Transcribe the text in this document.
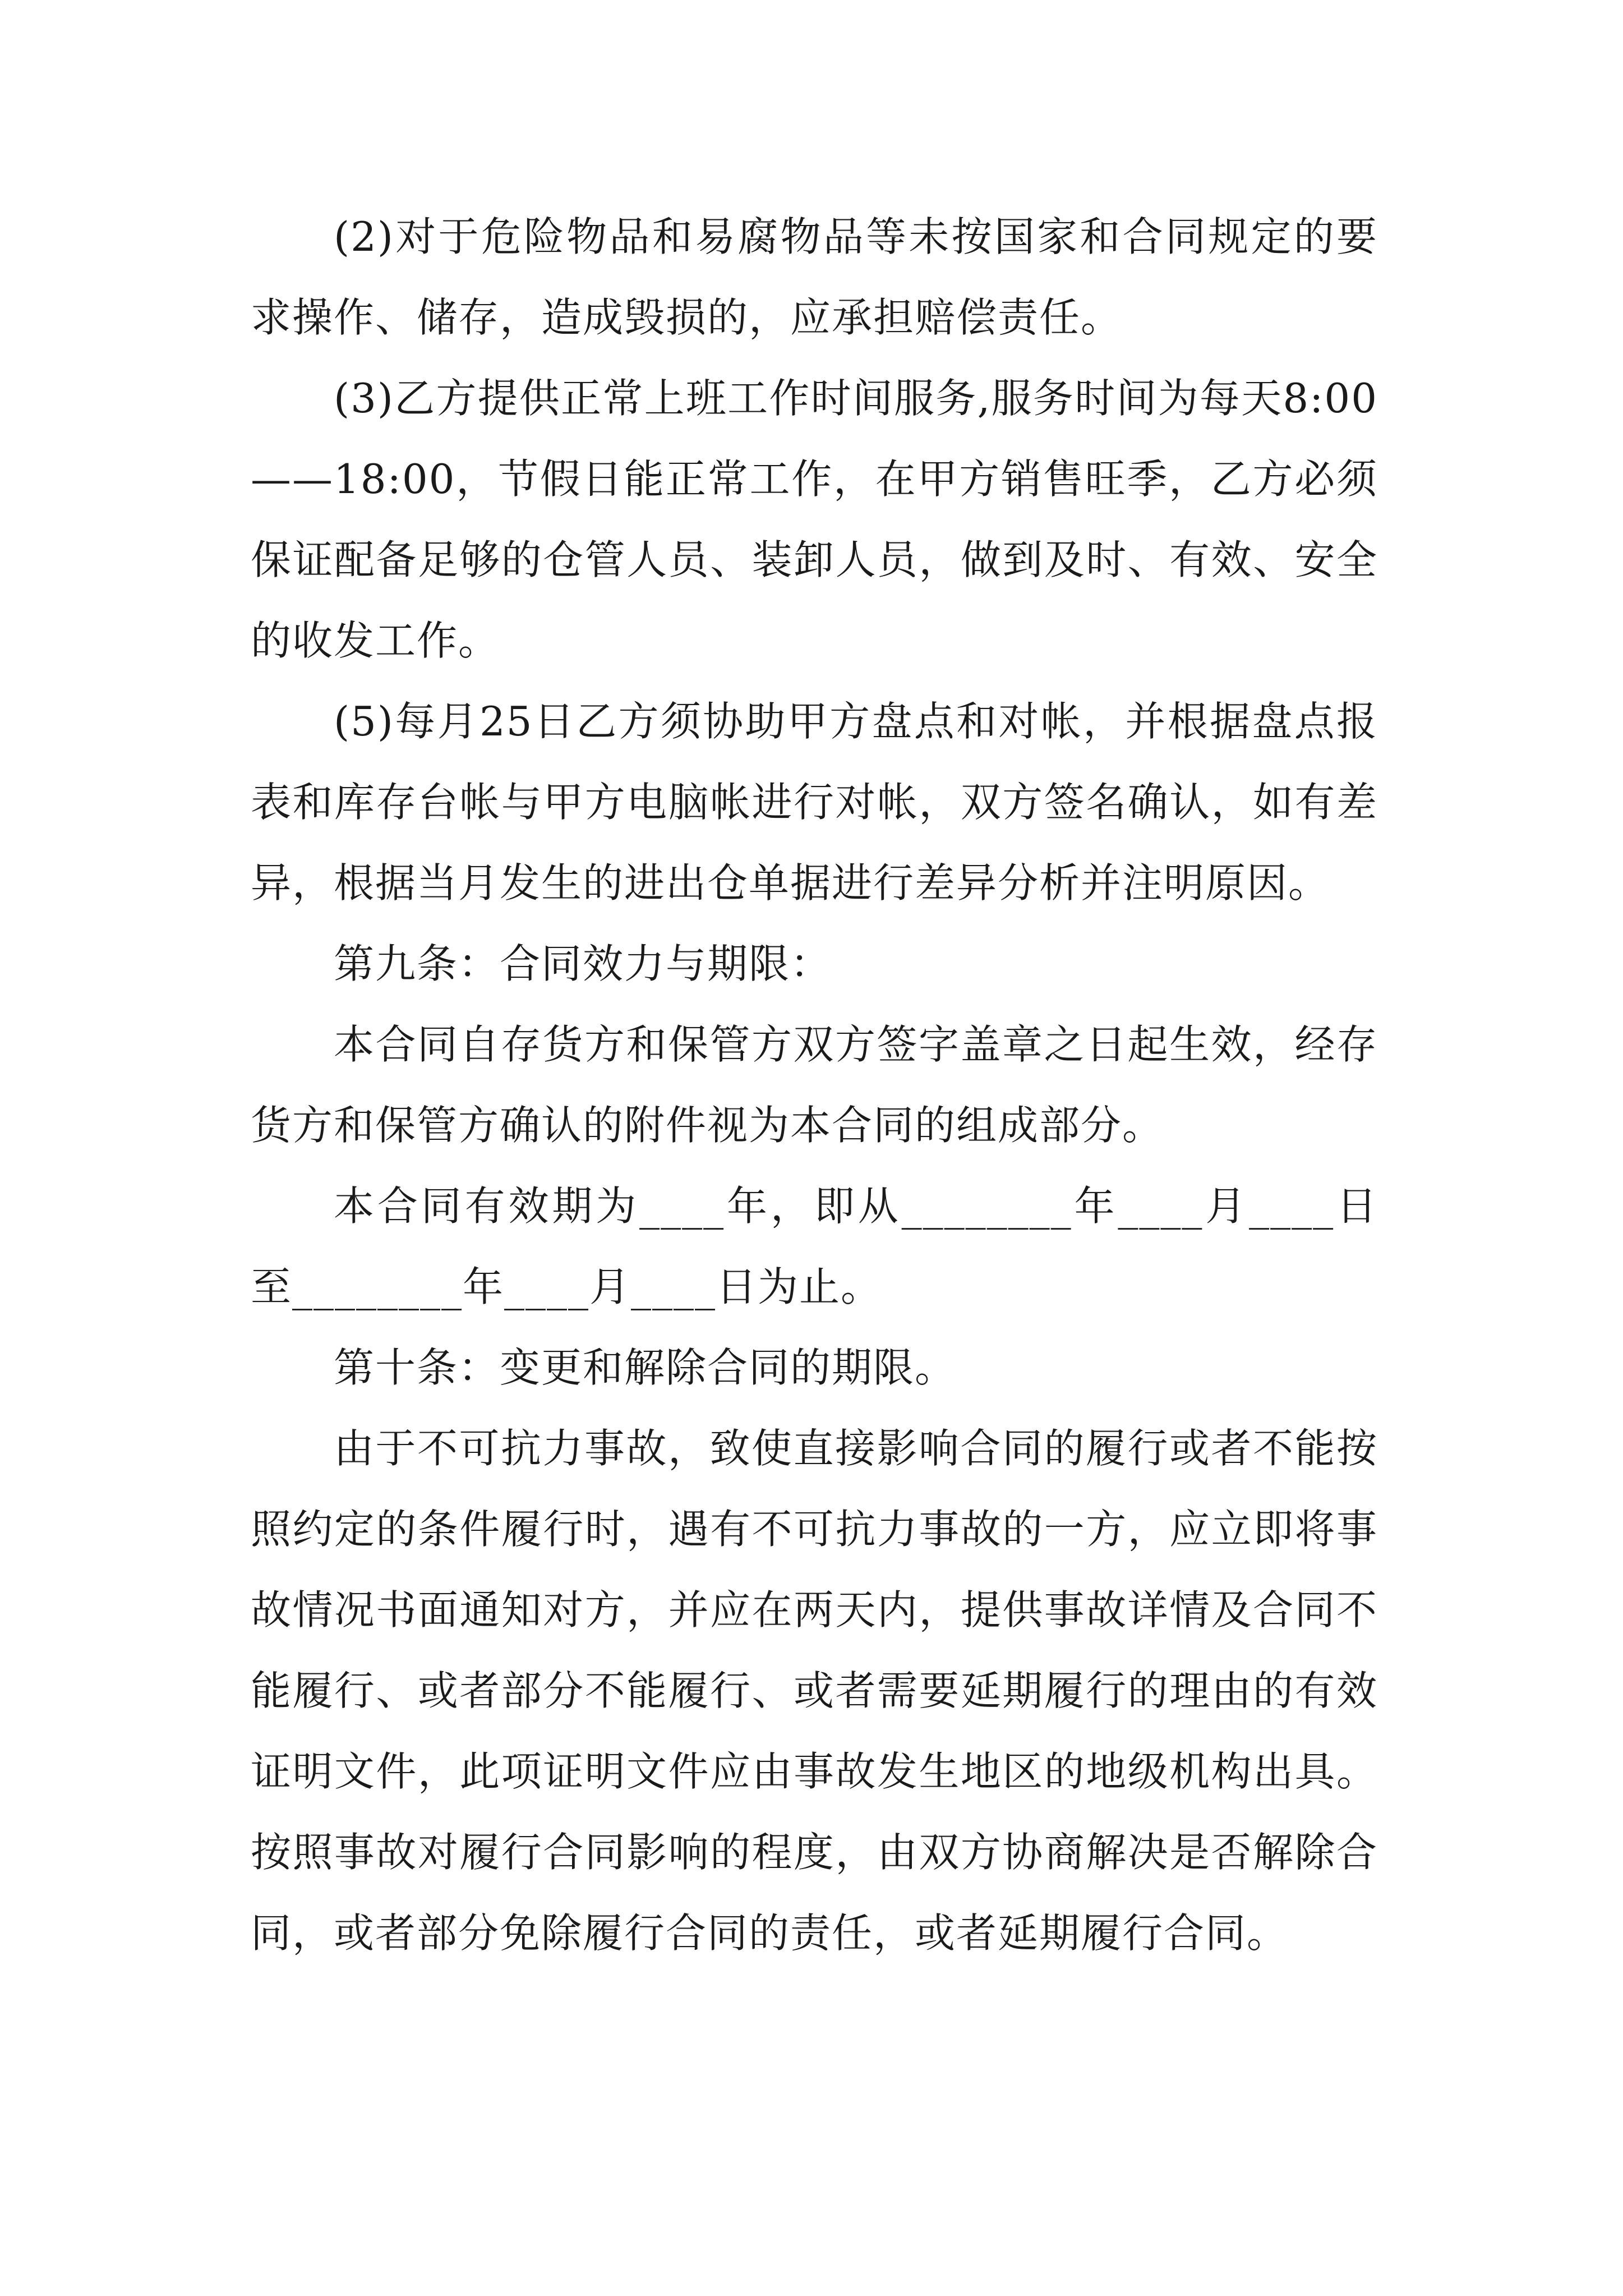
(2)对于危险物品和易腐物品等未按国家和合同规定的要求操作、储存，造成毁损的，应承担赔偿责任。

(3)乙方提供正常上班工作时间服务,服务时间为每天8:00——18:00，节假日能正常工作，在甲方销售旺季，乙方必须保证配备足够的仓管人员、装卸人员，做到及时、有效、安全的收发工作。

(5)每月25日乙方须协助甲方盘点和对帐，并根据盘点报表和库存台帐与甲方电脑帐进行对帐，双方签名确认，如有差异，根据当月发生的进出仓单据进行差异分析并注明原因。

第九条：合同效力与期限：

本合同自存货方和保管方双方签字盖章之日起生效，经存货方和保管方确认的附件视为本合同的组成部分。

本合同有效期为____年，即从________年____月____日至________年____月____日为止。

第十条：变更和解除合同的期限。

由于不可抗力事故，致使直接影响合同的履行或者不能按照约定的条件履行时，遇有不可抗力事故的一方，应立即将事故情况书面通知对方，并应在两天内，提供事故详情及合同不能履行、或者部分不能履行、或者需要延期履行的理由的有效证明文件，此项证明文件应由事故发生地区的地级机构出具。按照事故对履行合同影响的程度，由双方协商解决是否解除合同，或者部分免除履行合同的责任，或者延期履行合同。
